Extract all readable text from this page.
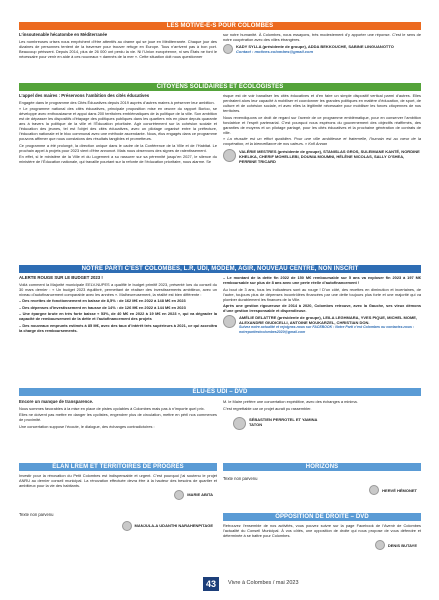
LES MOTIVÉ-E-S POUR COLOMBES
L’insoutenable hécatombe en Méditerranée

Les nombreuses crises nous empêchent d’être attentifs au drame qui se joue en Méditerranée. Chaque jour des dizaines de personnes tentent de la traverser pour trouver refuge en Europe. Tous n’arrivent pas à bon port. Beaucoup périssent. Depuis 2014, plus de 26 000 ont perdu la vie. Ni l’Union européenne, ni ses États ne font le nécessaire pour venir en aide à ces nouveaux « damnés de la mer ». Cette situation doit nous questionner

sur notre humanité. À Colombes, nous essayons, très modestement d’y apporter une réponse. C’est le sens de notre coopération avec des villes étrangères.

KADY SYLLA (présidente de groupe), ADDA BEKKOUCHE, SABINE LINGUANOTTO
Contact : motives.colombes@gmail.com
CITOYENS SOLIDAIRES ET ÉCOLOGISTES
L’appel des maires : Préservons l’ambition des cités éducatives

Engagée dans le programme des Cités Éducatives depuis 2019 auprès d’autres maires à préserver leur ambition.

« Le programme national des cités éducatives, principale proposition mise en œuvre du rapport Borloo, se développe avec enthousiasme et appui dans 200 territoires emblématiques de la politique de la ville. Son ambition est de dépasser les dispositifs d’étayage des politiques publiques dans les quartiers mis en place depuis quarante ans à travers la politique de la ville et l’Éducation prioritaire. Agir concrètement sur la cohésion sociale et l’éducation des jeunes, tel est l’objet des cités éducatives, avec un pilotage organisé entre la préfecture, l’éducation nationale et le bloc communal avec une méthode ascendante. Nous, élus engagés dans ce programme pouvons affirmer que nous constatons des résultats tangibles et prometteurs.

Ce programme a été prolongé, la direction unique dans le cadre de la Conférence de la Ville et de l’Habitat. Le prochain appel à projets pour 2023 vient d’être annoncé. Mais nous observons des signes de ralentissement.

En effet, si le ministère de la Ville et du Logement a su rassurer sur sa pérennité jusqu’en 2027, le silence du ministère de l’Éducation nationale, qui travaille pourtant sur la refonte de l’éducation prioritaire, nous alarme. Se

risque est de voir banaliser les cités éducatives et d’en faire un simple dispositif vertical parmi d’autres. Elles perdraient alors leur capacité à mobiliser et coordonner les grandes politiques en matière d’éducation, de sport, de culture et de cohésion sociale, et avec elles la légitimité nécessaire pour mobiliser les forces citoyennes de nos territoires.

Nous revendiquons ce droit de regard sur l’avenir de ce programme emblématique, pour en conserver l’ambition fondatrice et l’esprit partenarial. C’est pourquoi nous espérons du gouvernement des objectifs réaffirmés, des garanties de moyens et un pilotage partagé, pour les cités éducatives et la prochaine génération de contrats de ville.

« La réussite est un effort quotidien. Pour une ville ambitieuse et fraternelle, l’humain est au cœur de la coopération, et la bienveillance de nos valeurs. » Kofi Annan

VALÉRIE MESTRES (présidente de groupe), STANISLAS GROS, SULEIMANE KANTÉ, NORDINE KHELIKA, CHERIF MOHELLEBI, DOUNIA MOUMNI, HÉLÈNE NICOLAS, SALLY O’SHEA, PERRINE TRICARD
NOTRE PARTI C’EST COLOMBES, L.R, UDI, MODEM, AGIR, NOUVEAU CENTRE, NON INSCRIT
ALERTE ROUGE SUR LE BUDGET 2023 !

Voilà comment la Majorité municipale EELV-NUPES a qualifié le budget primitif 2023, présenté lors du conseil du 30 mars dernier : « Un budget 2023 équilibré, permettant de réaliser des investissements ambitieux, avec un niveau d’autofinancement comparable avec les années ». Malheureusement, la réalité est bien différente :

– Des recettes de fonctionnement en baisse de 8,5% : de 162 M€ en 2022 à 148 M€ en 2023

– Des dépenses d’investissement en hausse de 14% : de 126 M€ en 2022 à 144 M€ en 2023

– Une épargne brute en très forte baisse « 53%, de 40 M€ en 2022 à 19 M€ en 2023 », qui va dégrader la capacité de remboursement de la dette et l’autofinancement des projets

– Des nouveaux emprunts estimés à 85 M€, avec des taux d’intérêt très supérieurs à 2021, ce qui accroîtra la charge des remboursements.

– Le montant de la dette fin 2022 de 150 M€ remboursable sur 5 ans va exploser fin 2023 à 197 M€ remboursable sur plus de 8 ans avec une perte réelle d’autofinancement !

Au bout de 3 ans, tous les indicateurs sont au rouge ! D’un côté, des recettes en diminution et incertaines, de l’autre, toujours plus de dépenses incontrôlées financées par une dette toujours plus forte et une majorité qui va plomber durablement les finances de la Ville.

Après une gestion rigoureuse de 2014 à 2020, Colombes retrouve, avec la Gauche, ses vieux démons d’une gestion irresponsable et dispendieuse.

AMÉLIE DELATTRE (présidente de groupe), LEILA LEGHMARA, YVES PIQUE, MICHEL MOME, ALEXANDRE GIUDICELLI, ANTOINE MOUKARZEL, CHRISTIAN DON.
Suivez notre actualité et rejoignez-nous sur FACEBOOK : Notre Parti c’est Colombes ou contactez-nous : notrepartiestcolombes2020@gmail.com
ÉLU-ES UDI – DVD
Encore un manque de transparence.

Nous sommes favorables à la mise en place de pistes cyclables à Colombes mais pas à n’importe quel prix.

Elles ne doivent pas mettre en danger les cyclistes, engendrer plus de circulation, mettre en péril nos commerces de proximité.

Une concertation suppose l’écoute, le dialogue, des échanges contradictoires :

M. le Maire préfère une concertation expéditive, avec des échanges a minima.

C’est regrettable car ce projet aurait pu rassembler.

SÉBASTIEN PERROTEL ET YAMINA TATON
ÉLAN LREM ET TERRITOIRES DE PROGRÈS

Investir pour la rénovation du Petit Colombes est indispensable et urgent. C’est pourquoi j’ai soutenu le projet ANRU au dernier conseil municipal. La rénovation effectuée devra être à la hauteur des besoins de quartier et ambitieux pour la vie des habitants.

MARIE ABITA

Texte non parvenu

MANJULA-A UDANTHI NARAHENPITAGE
HORIZONS

Texte non parvenu

HERVÉ HÉMONET
OPPOSITION DE DROITE – DVD

Retrouvez l’ensemble de nos activités, vous pouvez suivre sur la page Facebook de l’Avenir de Colombes l’actualité du Conseil Municipal. À vos côtés, une opposition de droite qui nous propose de vous défendre et déterminée à se battre pour Colombes.

DENIS BUTAYE
43	Vivre à Colombes / mai 2023
